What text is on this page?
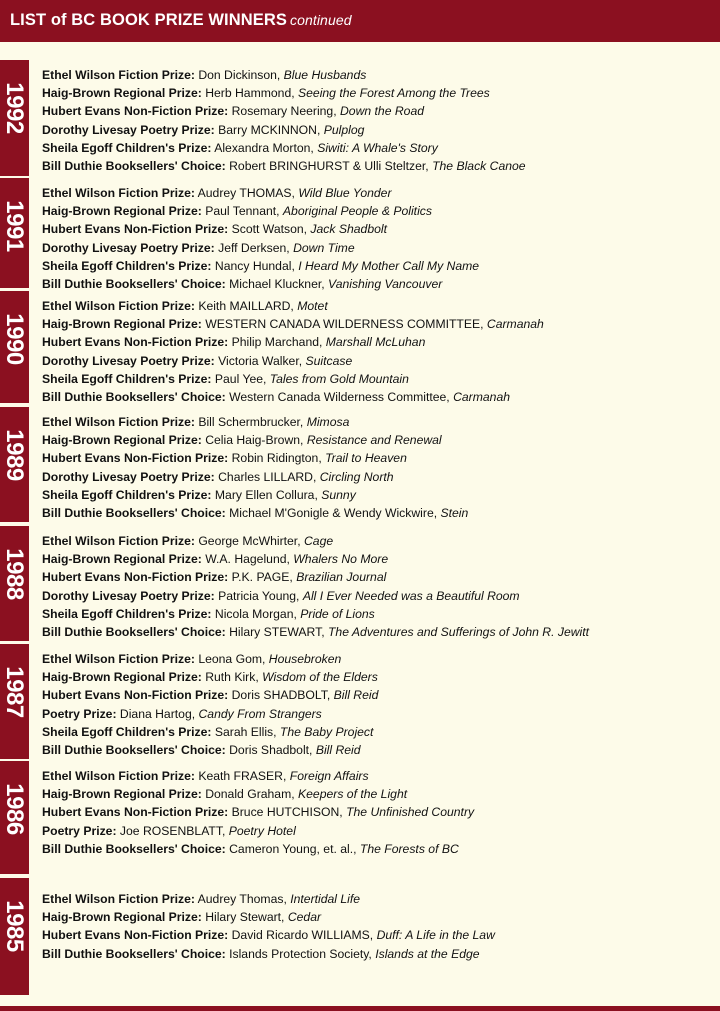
LIST of BC BOOK PRIZE WINNERS continued
1992
Ethel Wilson Fiction Prize: Don Dickinson, Blue Husbands
Haig-Brown Regional Prize: Herb Hammond, Seeing the Forest Among the Trees
Hubert Evans Non-Fiction Prize: Rosemary Neering, Down the Road
Dorothy Livesay Poetry Prize: Barry MCKINNON, Pulplog
Sheila Egoff Children's Prize: Alexandra Morton, Siwiti: A Whale's Story
Bill Duthie Booksellers' Choice: Robert BRINGHURST & Ulli Steltzer, The Black Canoe
1991
Ethel Wilson Fiction Prize: Audrey THOMAS, Wild Blue Yonder
Haig-Brown Regional Prize: Paul Tennant, Aboriginal People & Politics
Hubert Evans Non-Fiction Prize: Scott Watson, Jack Shadbolt
Dorothy Livesay Poetry Prize: Jeff Derksen, Down Time
Sheila Egoff Children's Prize: Nancy Hundal, I Heard My Mother Call My Name
Bill Duthie Booksellers' Choice: Michael Kluckner, Vanishing Vancouver
1990
Ethel Wilson Fiction Prize: Keith MAILLARD, Motet
Haig-Brown Regional Prize: WESTERN CANADA WILDERNESS COMMITTEE, Carmanah
Hubert Evans Non-Fiction Prize: Philip Marchand, Marshall McLuhan
Dorothy Livesay Poetry Prize: Victoria Walker, Suitcase
Sheila Egoff Children's Prize: Paul Yee, Tales from Gold Mountain
Bill Duthie Booksellers' Choice: Western Canada Wilderness Committee, Carmanah
1989
Ethel Wilson Fiction Prize: Bill Schermbrucker, Mimosa
Haig-Brown Regional Prize: Celia Haig-Brown, Resistance and Renewal
Hubert Evans Non-Fiction Prize: Robin Ridington, Trail to Heaven
Dorothy Livesay Poetry Prize: Charles LILLARD, Circling North
Sheila Egoff Children's Prize: Mary Ellen Collura, Sunny
Bill Duthie Booksellers' Choice: Michael M'Gonigle & Wendy Wickwire, Stein
1988
Ethel Wilson Fiction Prize: George McWhirter, Cage
Haig-Brown Regional Prize: W.A. Hagelund, Whalers No More
Hubert Evans Non-Fiction Prize: P.K. PAGE, Brazilian Journal
Dorothy Livesay Poetry Prize: Patricia Young, All I Ever Needed was a Beautiful Room
Sheila Egoff Children's Prize: Nicola Morgan, Pride of Lions
Bill Duthie Booksellers' Choice: Hilary STEWART, The Adventures and Sufferings of John R. Jewitt
1987
Ethel Wilson Fiction Prize: Leona Gom, Housebroken
Haig-Brown Regional Prize: Ruth Kirk, Wisdom of the Elders
Hubert Evans Non-Fiction Prize: Doris SHADBOLT, Bill Reid
Poetry Prize: Diana Hartog, Candy From Strangers
Sheila Egoff Children's Prize: Sarah Ellis, The Baby Project
Bill Duthie Booksellers' Choice: Doris Shadbolt, Bill Reid
1986
Ethel Wilson Fiction Prize: Keath FRASER, Foreign Affairs
Haig-Brown Regional Prize: Donald Graham, Keepers of the Light
Hubert Evans Non-Fiction Prize: Bruce HUTCHISON, The Unfinished Country
Poetry Prize: Joe ROSENBLATT, Poetry Hotel
Bill Duthie Booksellers' Choice: Cameron Young, et. al., The Forests of BC
1985
Ethel Wilson Fiction Prize: Audrey Thomas, Intertidal Life
Haig-Brown Regional Prize: Hilary Stewart, Cedar
Hubert Evans Non-Fiction Prize: David Ricardo WILLIAMS, Duff: A Life in the Law
Bill Duthie Booksellers' Choice: Islands Protection Society, Islands at the Edge
